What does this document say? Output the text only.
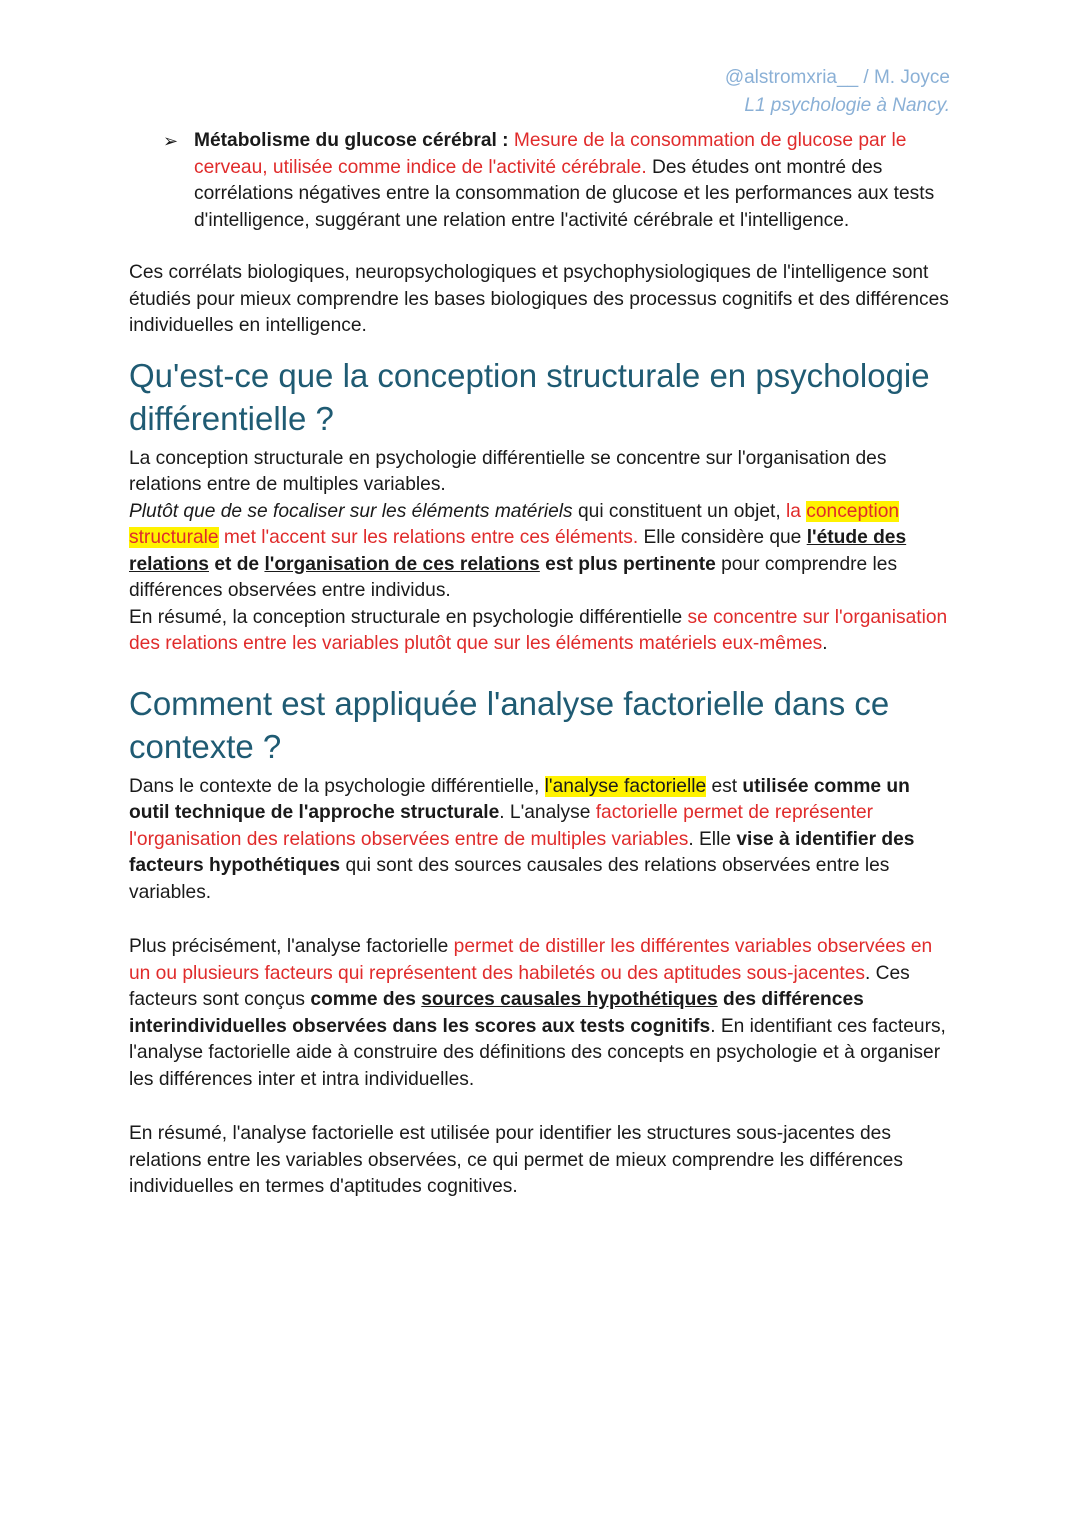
@alstromxria__ / M. Joyce
L1 psychologie à Nancy.

➢ Métabolisme du glucose cérébral : Mesure de la consommation de glucose par le cerveau, utilisée comme indice de l'activité cérébrale. Des études ont montré des corrélations négatives entre la consommation de glucose et les performances aux tests d'intelligence, suggérant une relation entre l'activité cérébrale et l'intelligence.

Ces corrélats biologiques, neuropsychologiques et psychophysiologiques de l'intelligence sont étudiés pour mieux comprendre les bases biologiques des processus cognitifs et des différences individuelles en intelligence.

Qu'est-ce que la conception structurale en psychologie différentielle ?

La conception structurale en psychologie différentielle se concentre sur l'organisation des relations entre de multiples variables.

Plutôt que de se focaliser sur les éléments matériels qui constituent un objet, la conception structurale met l'accent sur les relations entre ces éléments. Elle considère que l'étude des relations et de l'organisation de ces relations est plus pertinente pour comprendre les différences observées entre individus.

En résumé, la conception structurale en psychologie différentielle se concentre sur l'organisation des relations entre les variables plutôt que sur les éléments matériels eux-mêmes.

Comment est appliquée l'analyse factorielle dans ce contexte ?

Dans le contexte de la psychologie différentielle, l'analyse factorielle est utilisée comme un outil technique de l'approche structurale. L'analyse factorielle permet de représenter l'organisation des relations observées entre de multiples variables. Elle vise à identifier des facteurs hypothétiques qui sont des sources causales des relations observées entre les variables.

Plus précisément, l'analyse factorielle permet de distiller les différentes variables observées en un ou plusieurs facteurs qui représentent des habiletés ou des aptitudes sous-jacentes. Ces facteurs sont conçus comme des sources causales hypothétiques des différences interindividuelles observées dans les scores aux tests cognitifs. En identifiant ces facteurs, l'analyse factorielle aide à construire des définitions des concepts en psychologie et à organiser les différences inter et intra individuelles.

En résumé, l'analyse factorielle est utilisée pour identifier les structures sous-jacentes des relations entre les variables observées, ce qui permet de mieux comprendre les différences individuelles en termes d'aptitudes cognitives.
